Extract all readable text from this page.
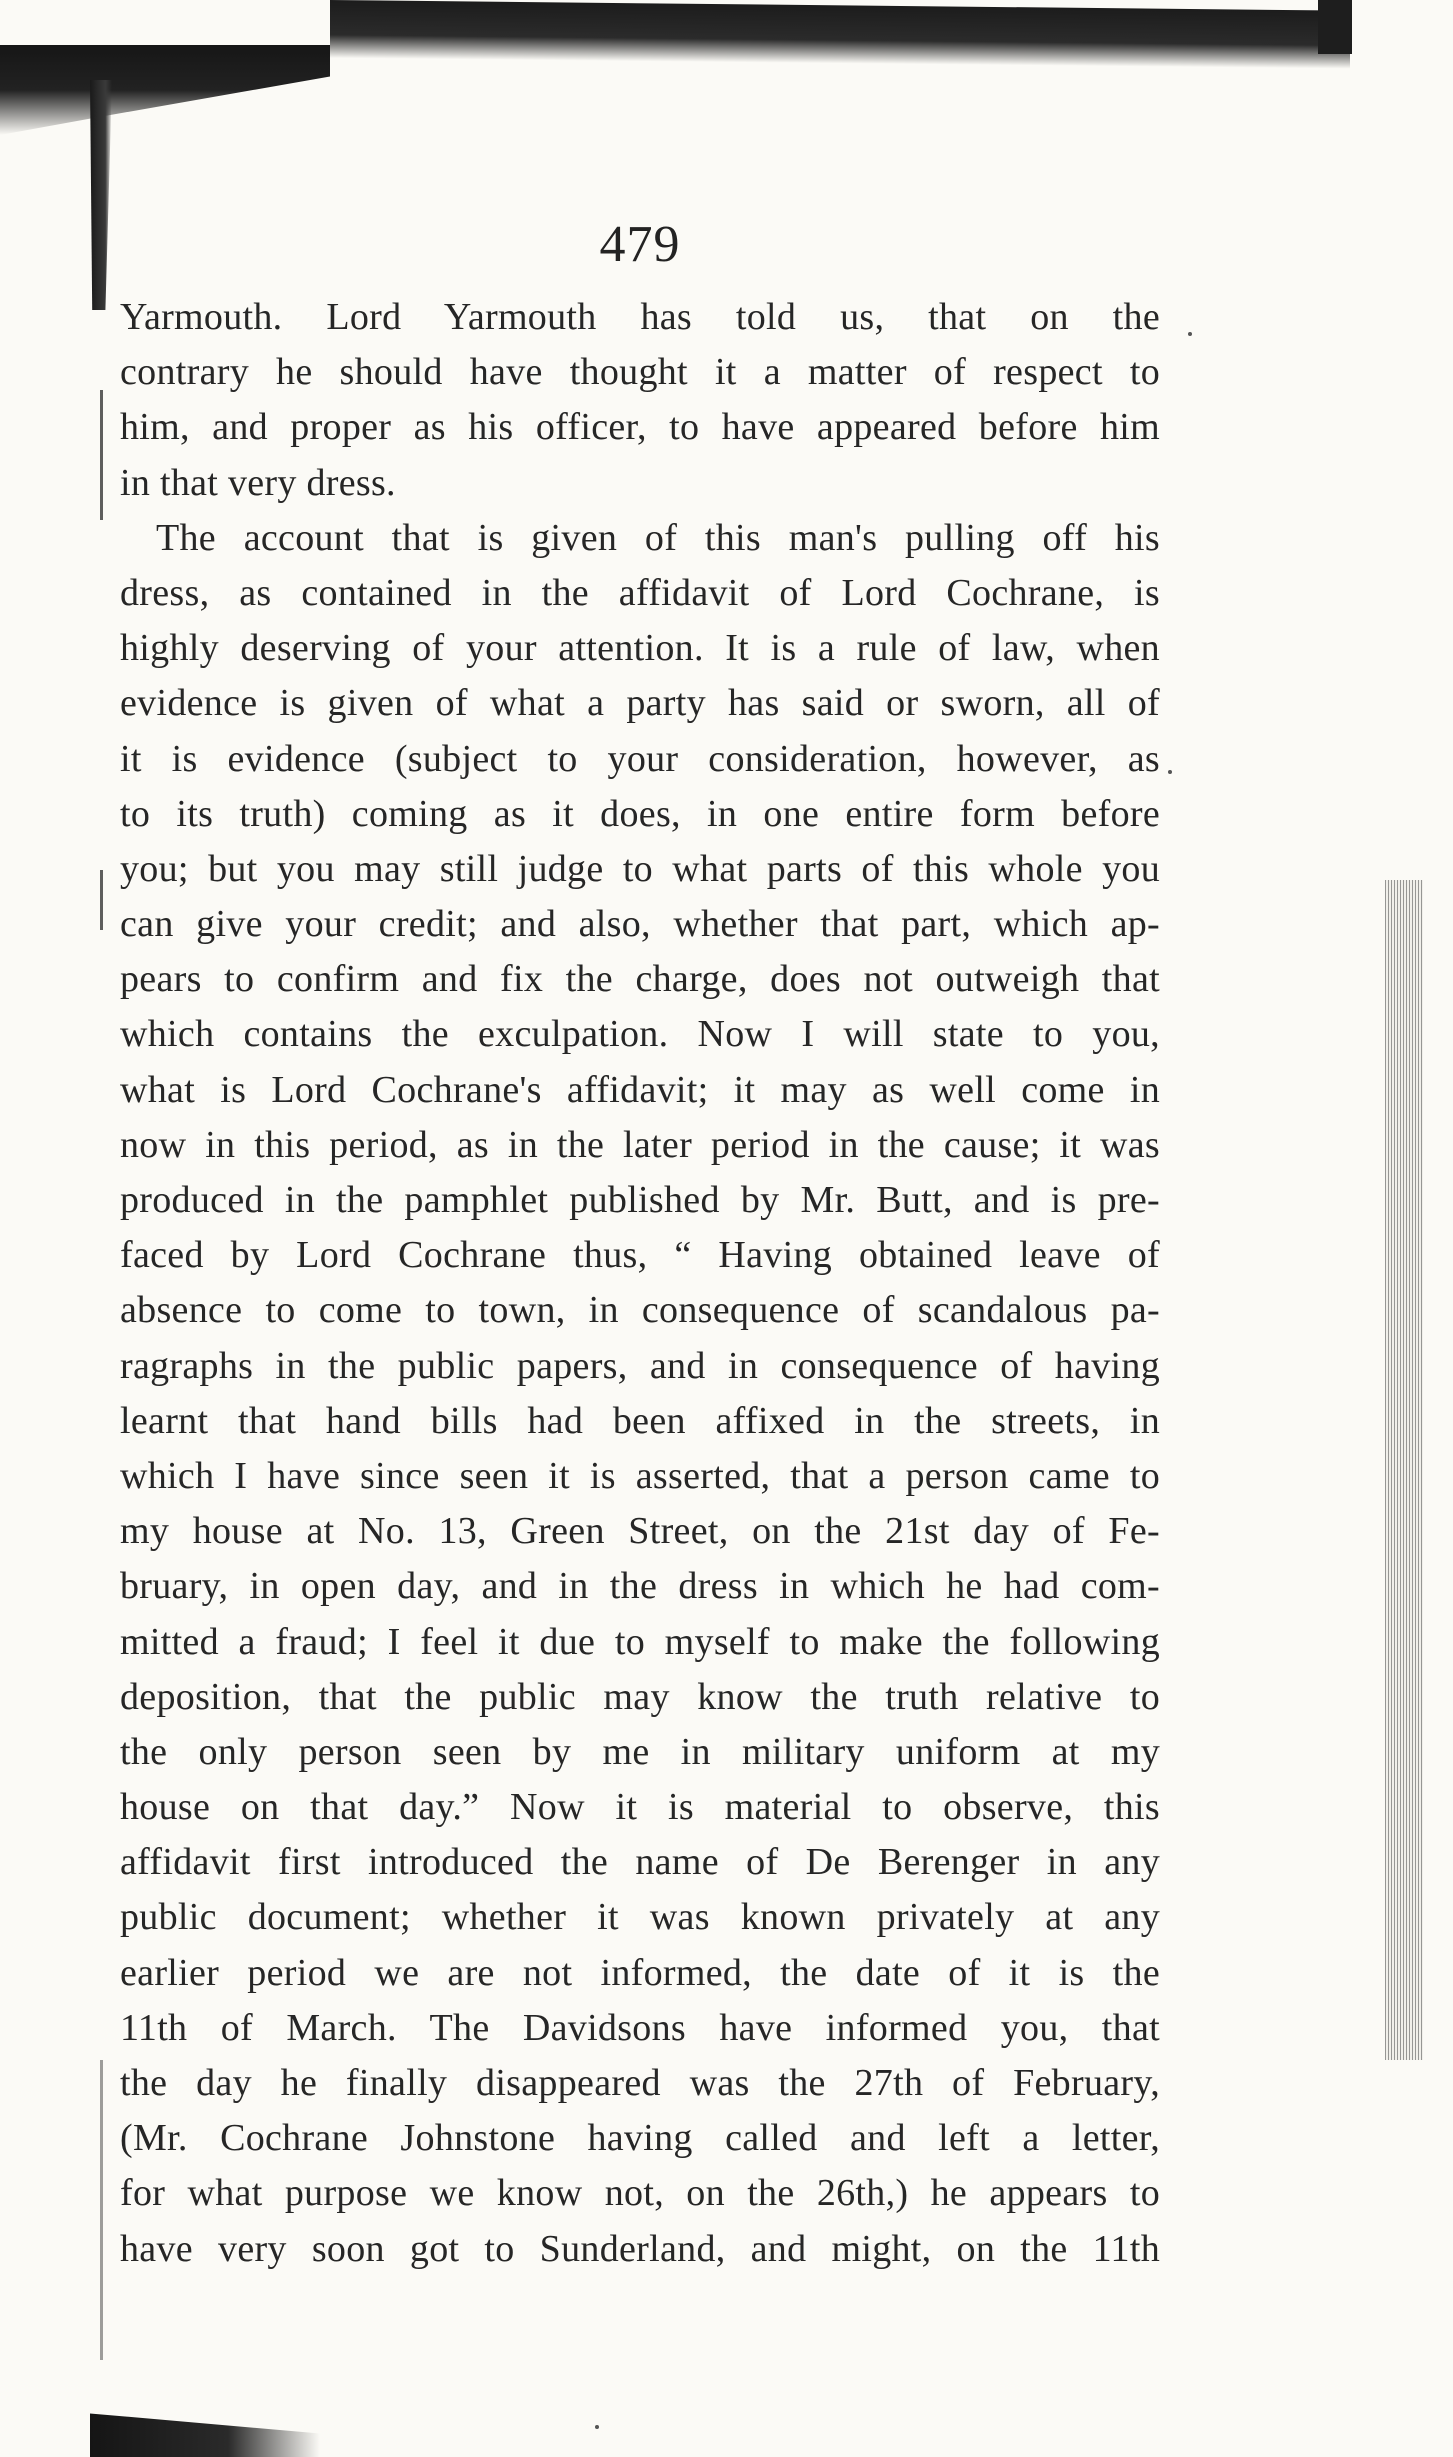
479
Yarmouth. Lord Yarmouth has told us, that on the
contrary he should have thought it a matter of respect to
him, and proper as his officer, to have appeared before him
in that very dress.
The account that is given of this man's pulling off his
dress, as contained in the affidavit of Lord Cochrane, is
highly deserving of your attention. It is a rule of law, when
evidence is given of what a party has said or sworn, all of
it is evidence (subject to your consideration, however, as
to its truth) coming as it does, in one entire form before
you; but you may still judge to what parts of this whole you
can give your credit; and also, whether that part, which ap-
pears to confirm and fix the charge, does not outweigh that
which contains the exculpation. Now I will state to you,
what is Lord Cochrane's affidavit; it may as well come in
now in this period, as in the later period in the cause; it was
produced in the pamphlet published by Mr. Butt, and is pre-
faced by Lord Cochrane thus, “ Having obtained leave of
absence to come to town, in consequence of scandalous pa-
ragraphs in the public papers, and in consequence of having
learnt that hand bills had been affixed in the streets, in
which I have since seen it is asserted, that a person came to
my house at No. 13, Green Street, on the 21st day of Fe-
bruary, in open day, and in the dress in which he had com-
mitted a fraud; I feel it due to myself to make the following
deposition, that the public may know the truth relative to
the only person seen by me in military uniform at my
house on that day.” Now it is material to observe, this
affidavit first introduced the name of De Berenger in any
public document; whether it was known privately at any
earlier period we are not informed, the date of it is the
11th of March. The Davidsons have informed you, that
the day he finally disappeared was the 27th of February,
(Mr. Cochrane Johnstone having called and left a letter,
for what purpose we know not, on the 26th,) he appears to
have very soon got to Sunderland, and might, on the 11th
